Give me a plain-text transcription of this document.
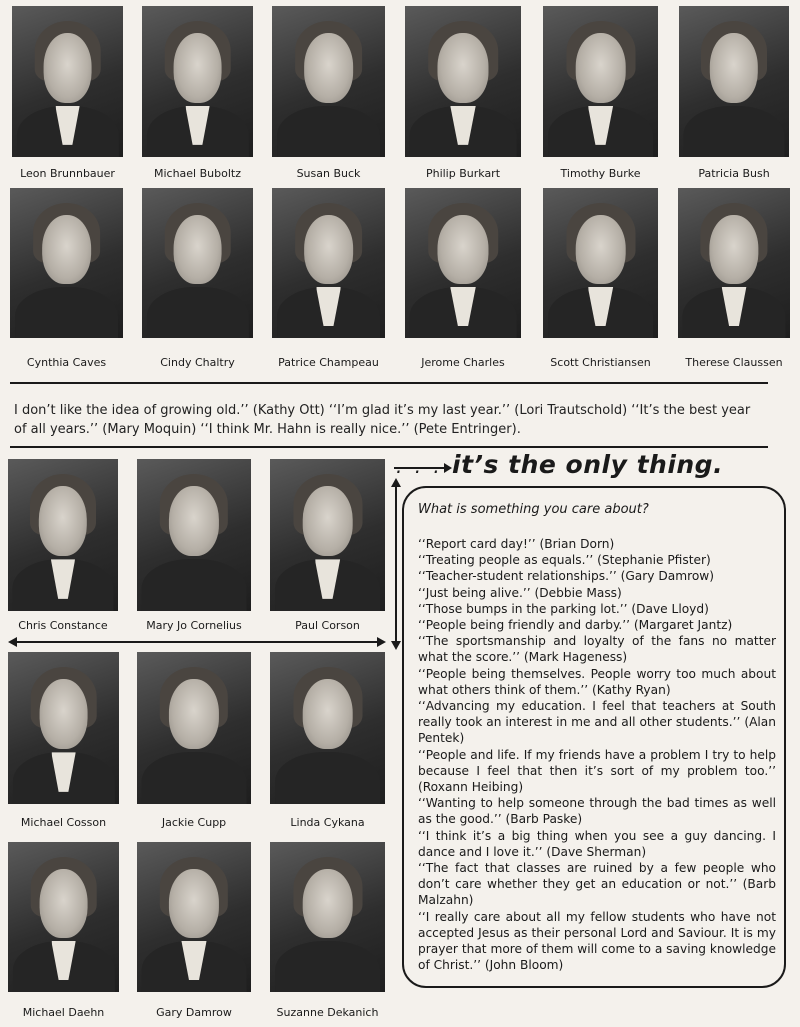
Leon Brunnbauer	Michael Buboltz	Susan Buck	Philip Burkart	Timothy Burke	Patricia Bush
Cynthia Caves	Cindy Chaltry	Patrice Champeau	Jerome Charles	Scott Christiansen	Therese Claussen
I don’t like the idea of growing old.’’ (Kathy Ott) ‘‘I’m glad it’s my last year.’’ (Lori Trautschold) ‘‘It’s the best year
of all years.’’ (Mary Moquin) ‘‘I think Mr. Hahn is really nice.’’ (Pete Entringer).
Chris Constance	Mary Jo Cornelius	Paul Corson
Michael Cosson	Jackie Cupp	Linda Cykana
Michael Daehn	Gary Damrow	Suzanne Dekanich
. . . it’s the only thing.
What is something you care about?
‘‘Report card day!’’ (Brian Dorn)
‘‘Treating people as equals.’’ (Stephanie Pfister)
‘‘Teacher-student relationships.’’ (Gary Damrow)
‘‘Just being alive.’’ (Debbie Mass)
‘‘Those bumps in the parking lot.’’ (Dave Lloyd)
‘‘People being friendly and darby.’’ (Margaret Jantz)
‘‘The sportsmanship and loyalty of the fans no matter what the score.’’ (Mark Hageness)
‘‘People being themselves. People worry too much about what others think of them.’’ (Kathy Ryan)
‘‘Advancing my education. I feel that teachers at South really took an interest in me and all other students.’’ (Alan Pentek)
‘‘People and life. If my friends have a problem I try to help because I feel that then it’s sort of my problem too.’’ (Roxann Heibing)
‘‘Wanting to help someone through the bad times as well as the good.’’ (Barb Paske)
‘‘I think it’s a big thing when you see a guy dancing. I dance and I love it.’’ (Dave Sherman)
‘‘The fact that classes are ruined by a few people who don’t care whether they get an education or not.’’ (Barb Malzahn)
‘‘I really care about all my fellow students who have not accepted Jesus as their personal Lord and Saviour. It is my prayer that more of them will come to a saving knowledge of Christ.’’ (John Bloom)
